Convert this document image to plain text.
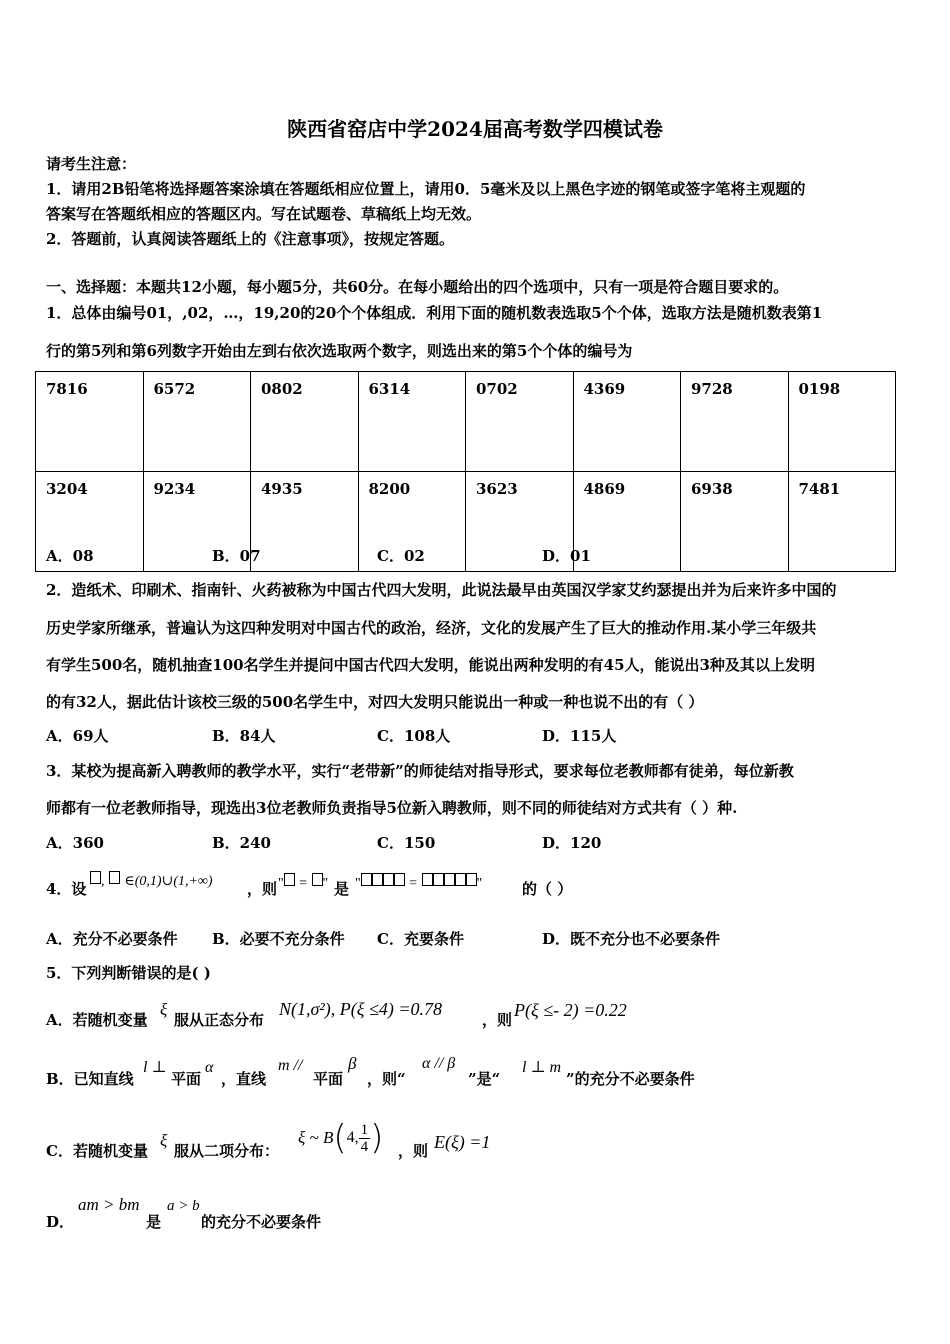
陕西省窑店中学2024届高考数学四模试卷
请考生注意：
1．请用2B铅笔将选择题答案涂填在答题纸相应位置上，请用0．5毫米及以上黑色字迹的钢笔或签字笔将主观题的
答案写在答题纸相应的答题区内。写在试题卷、草稿纸上均无效。
2．答题前，认真阅读答题纸上的《注意事项》，按规定答题。
一、选择题：本题共12小题，每小题5分，共60分。在每小题给出的四个选项中，只有一项是符合题目要求的。
1．总体由编号01，,02，…，19,20的20个个体组成．利用下面的随机数表选取5个个体，选取方法是随机数表第1
行的第5列和第6列数字开始由左到右依次选取两个数字，则选出来的第5个个体的编号为
7816	6572	0802	6314	0702	4369	9728	0198
3204	9234	4935	8200	3623	4869	6938	7481
A．08	B．07	C．02	D．01
2．造纸术、印刷术、指南针、火药被称为中国古代四大发明，此说法最早由英国汉学家艾约瑟提出并为后来许多中国的
历史学家所继承，普遍认为这四种发明对中国古代的政治，经济，文化的发展产生了巨大的推动作用.某小学三年级共
有学生500名，随机抽查100名学生并提问中国古代四大发明，能说出两种发明的有45人，能说出3种及其以上发明
的有32人，据此估计该校三级的500名学生中，对四大发明只能说出一种或一种也说不出的有（ ）
A．69人	B．84人	C．108人	D．115人
3．某校为提高新入聘教师的教学水平，实行“老带新”的师徒结对指导形式，要求每位老教师都有徒弟，每位新教
师都有一位老教师指导，现选出3位老教师负责指导5位新入聘教师，则不同的师徒结对方式共有（ ）种.
A．360	B．240	C．150	D．120
4．设	, ∈(0,1)∪(1,+∞) ，则 " = " 是 "	=	"	的（ ）
A．充分不必要条件 B．必要不充分条件 C．充要条件	D．既不充分也不必要条件
5．下列判断错误的是( )
A．若随机变量
ξ
服从正态分布
N(1,σ²), P(ξ ≤4) =0.78
，则 P(ξ ≤- 2) =0.22
B．已知直线
l ⊥
平面
α
，直线
m //
平面
β
，则“
α // β
”是“
l ⊥ m
”的充分不必要条件
C．若随机变量
ξ
服从二项分布：
ξ ~ B ( 4, $\frac{1}{4}$ ) ，则 E(ξ) =1
D．
am > bm
是
a > b
的充分不必要条件
